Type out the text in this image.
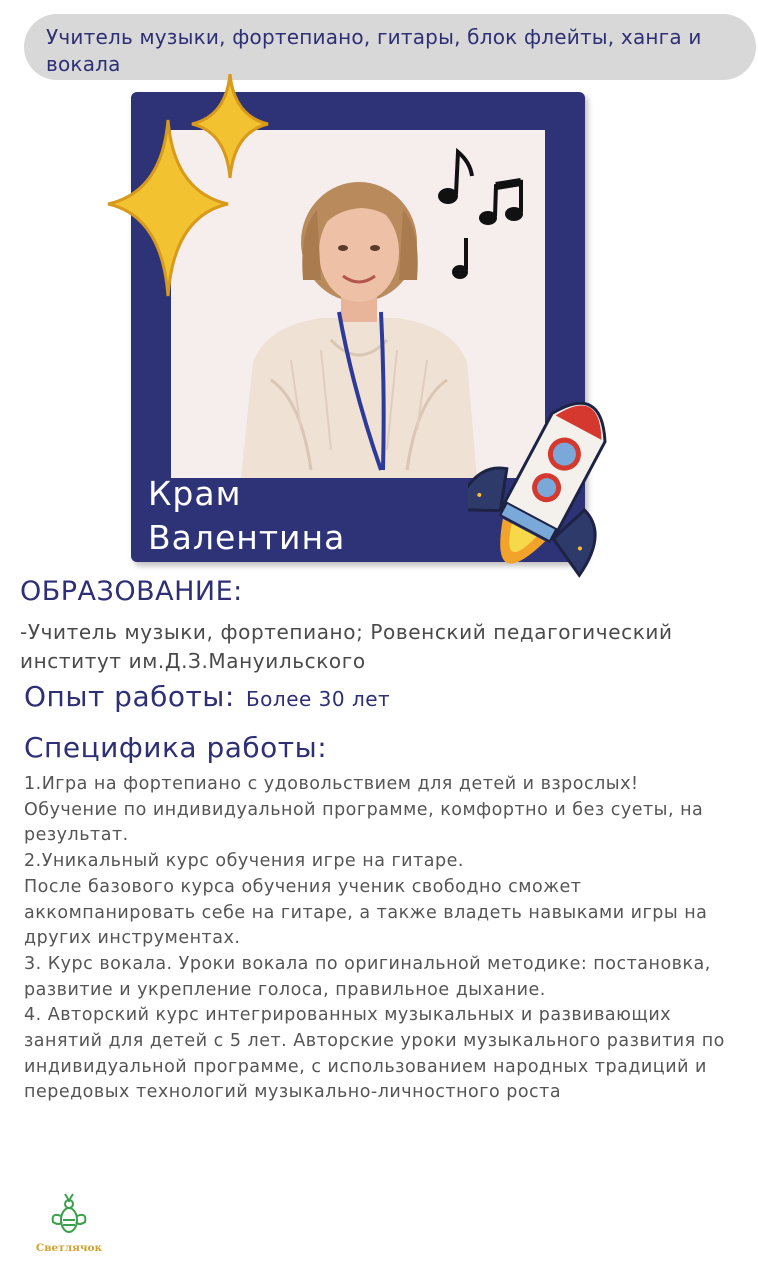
Учитель музыки, фортепиано, гитары, блок флейты, ханга и вокала
Крам
Валентина
ОБРАЗОВАНИЕ:
-Учитель музыки, фортепиано; Ровенский педагогический институт им.Д.З.Мануильского
Опыт работы: Более 30 лет
Специфика работы:

1.Игра на фортепиано с удовольствием для детей и взрослых! Обучение по индивидуальной программе, комфортно и без суеты, на результат.

2.Уникальный курс обучения игре на гитаре.

После базового курса обучения ученик свободно сможет аккомпанировать себе на гитаре, а также владеть навыками игры на других инструментах.

3. Курс вокала. Уроки вокала по оригинальной методике: постановка, развитие и укрепление голоса, правильное дыхание.

4. Авторский курс интегрированных музыкальных и развивающих занятий для детей с 5 лет. Авторские уроки музыкального развития по индивидуальной программе, с использованием народных традиций и передовых технологий музыкально-личностного роста

Светлячок
